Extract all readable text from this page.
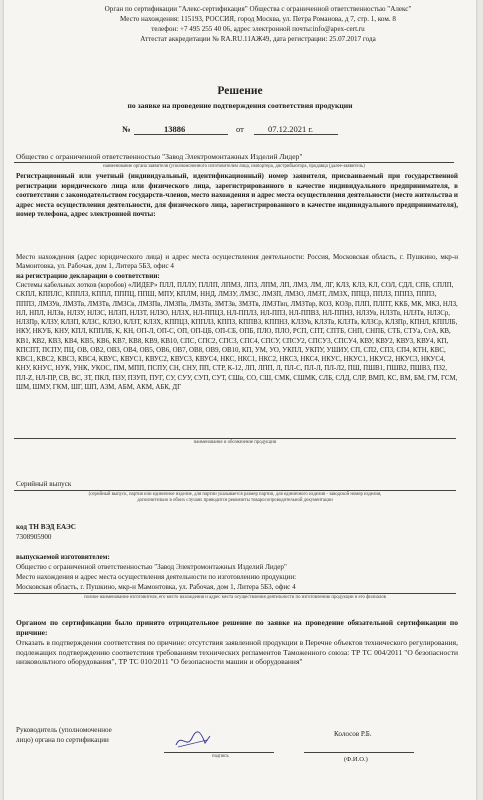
Орган по сертификации "Алекс-сертификация" Общества с ограниченной ответственностью "Алекс"
Место нахождения: 115193, РОССИЯ, город Москва, ул. Петра Романова, д 7, стр. 1, ком. 8
телефон: +7 495 255 40 06, адрес электронной почты:info@apex-cert.ru
Аттестат аккредитации № RA.RU.11АЖ49, дата регистрации: 25.07.2017 года
Решение
по заявке на проведение подтверждения соответствия продукции
№	13886	от	07.12.2021 г.
Общество с ограниченной ответственностью "Завод Электромонтажных Изделий Лидер"
наименование органа заявителя (уполномоченного изготовителем лица, импортера, дистрибьютора, продавца (далее-заявитель)
Регистрационный или учетный (индивидуальный, идентификационный) номер заявителя, присваиваемый при государственной регистрации юридического лица или физического лица, зарегистрированного в качестве индивидуального предпринимателя, в соответствии с законодательством государств-членов, место нахождения и адрес места осуществления деятельности (место жительства и адрес места осуществления деятельности, для физического лица, зарегистрированного в качестве индивидуального предпринимателя), номер телефона, адрес электронной почты:
Место нахождения (адрес юридического лица) и адрес места осуществления деятельности: Россия, Московская область, г. Пушкино, мкр-н Мамонтовка, ул. Рабочая, дом 1, Литера 5Б3, офис 4
на регистрацию декларации о соответствии:
Системы кабельных лотков (коробов) «ЛИДЕР» ПЛЛ, ПЛЛУ, ПЛЛП, ЛПМЗ, ЛПЗ, ЛПМ, ЛП, ЛМЗ, ЛМ, ЛГ, КЛЗ, КЛЗ, КЛ, СОЛ, СДЛ, СПБ, СПЛП, СКПЛ, КППЛС, КППЛЗ, КППЛ, ПППЦ, ППШ, МПУ, КПЛМ, ННД, ЛМЗУ, ЛМЗС, ЛМЗП, ЛМЗО, ЛМЗТ, ЛМЗХ, ППЦЗ, ППЛЗ, ППП3, ППП3, ППП3, ЛМЗУв, ЛМЗТв, ЛМЗТв, ЛМЗСв, ЛМЗПв, ЛМЗПв, ЛМЗТв, ЗМТЗв, ЗМЗТв, ЛМЗТвп, ЛМЗТвр, КОЗ, КОЗр, ПЛП, ПЛПТ, ККБ, МК, МКЗ, НЛЗ, НЛ, НПЛ, НЛЗв, НЛЗУ, НЛЗС, НЛЗП, НЛЗТ, НЛЗО, НЛЗХ, НЛ-ППЦЗ, НЛ-ППЛЗ, НЛ-ППЗ, НЛ-ППВЗ, НЛ-ППНЗ, НЛЗУв, НЛЗТв, НЛЗТв, НЛЗСр, НЛЗПр, КЛЗУ, КЛЗП, КЛЗС, КЛЗО, КЛЗТ, КЛЗХ, КППЦЗ, КППЛЗ, КППЗ, КППВЗ, КППНЗ, КЛЗУв, КЛЗТв, КЛЗТв, КЛЗСр, КЛЗПр, КПНЛ, КППЛБ, НКУ, НКУБ, КНУ, КПЛ, КППЛБ, К, КН, ОП-Л, ОП-С, ОП, ОП-ЦБ, ОП-СБ, ОПБ, ПЛО, ПЛО, РСП, СПТ, СПТБ, СНП, СНПБ, СТБ, СТУа, СтА, КВ, КВ1, КВ2, КВ3, КВ4, КВ5, КВ6, КВ7, КВ8, КВ9, КВ10, СПС, СПС2, СПС3, СПС4, СПСУ, СПСУ2, СПСУ3, СПСУ4, КВУ, КВУ2, КВУ3, КВУ4, КП, КПСПТ, ПСПУ, ПЦ, ОВ, ОВ2, ОВ3, ОВ4, ОВ5, ОВ6, ОВ7, ОВ8, ОВ9, ОВ10, КП, УМ, УО, УКПЛ, УКПУ, УШИУ, СП, СП2, СП3, СП4, КТН, КВС, КВС1, КВС2, КВС3, КВС4, КВУС, КВУС1, КВУС2, КВУС3, КВУС4, НКС, НКС1, НКС2, НКС3, НКС4, НКУС, НКУС1, НКУС2, НКУС3, НКУС4, КНУ, КНУС, НУК, УНК, УКОС, ПМ, МПП, ПСПУ, СН, СНУ, ПП, СТР, К-12, ЛП, ЛПП, Л, ПЛ-С, ПЛ-Л, ПЛ-Л2, ПШ, ПШВ1, ПШВ2, ПШВ3, ПЗ2, ПЛ-Z, НЛ-ПР, СВ, ВС, ЗТ, ПКЛ, ПЗУ, ПЗУП, ПУГ, СУ, СУУ, СУП, СУТ, СШв, СО, СШ, СМК, СШМК, СЛБ, СЛД, СЛР, ВМП, КС, ВМ, БМ, ГМ, ГСМ, ШМ, ШМУ, ГКМ, ШГ, ШП, АЗМ, АБМ, АКМ, АБК, ДГ
наименование и обозначение продукции
Серийный выпуск
(серийный выпуск, партия или единичное изделие, для партии указывается размер партии, для единичного изделия - заводской номер изделия,
дополнительно в обоих случаях приводится реквизиты товаросопроводительной документации
код ТН ВЭД ЕАЭС
7308905900
выпускаемой изготовителем:
Общество с ограниченной ответственностью "Завод Электромонтажных Изделий Лидер"
Место нахождения и адрес места осуществления деятельности по изготовлению продукции:
Московская область, г. Пушкино, мкр-н Мамонтовка, ул. Рабочая, дом 1, Литера 5Б3, офис 4
полное наименование изготовителя, его место нахождения и адрес места осуществления деятельности по изготовлению продукции и его филиалов
Органом по сертификации было принято отрицательное решение по заявке на проведение обязательной сертификации по причине:
Отказать в подтверждении соответствия по причине: отсутствия заявленной продукции в Перечне объектов технического регулирования, подлежащих подтверждению соответствия требованиям технических регламентов Таможенного союза: ТР ТС 004/2011 "О безопасности низковольтного оборудования", ТР ТС 010/2011 "О безопасности машин и оборудования"
Руководитель (уполномоченное
лицо) органа по сертификации
подпись
Колосов Р.Б.
(Ф.И.О.)
